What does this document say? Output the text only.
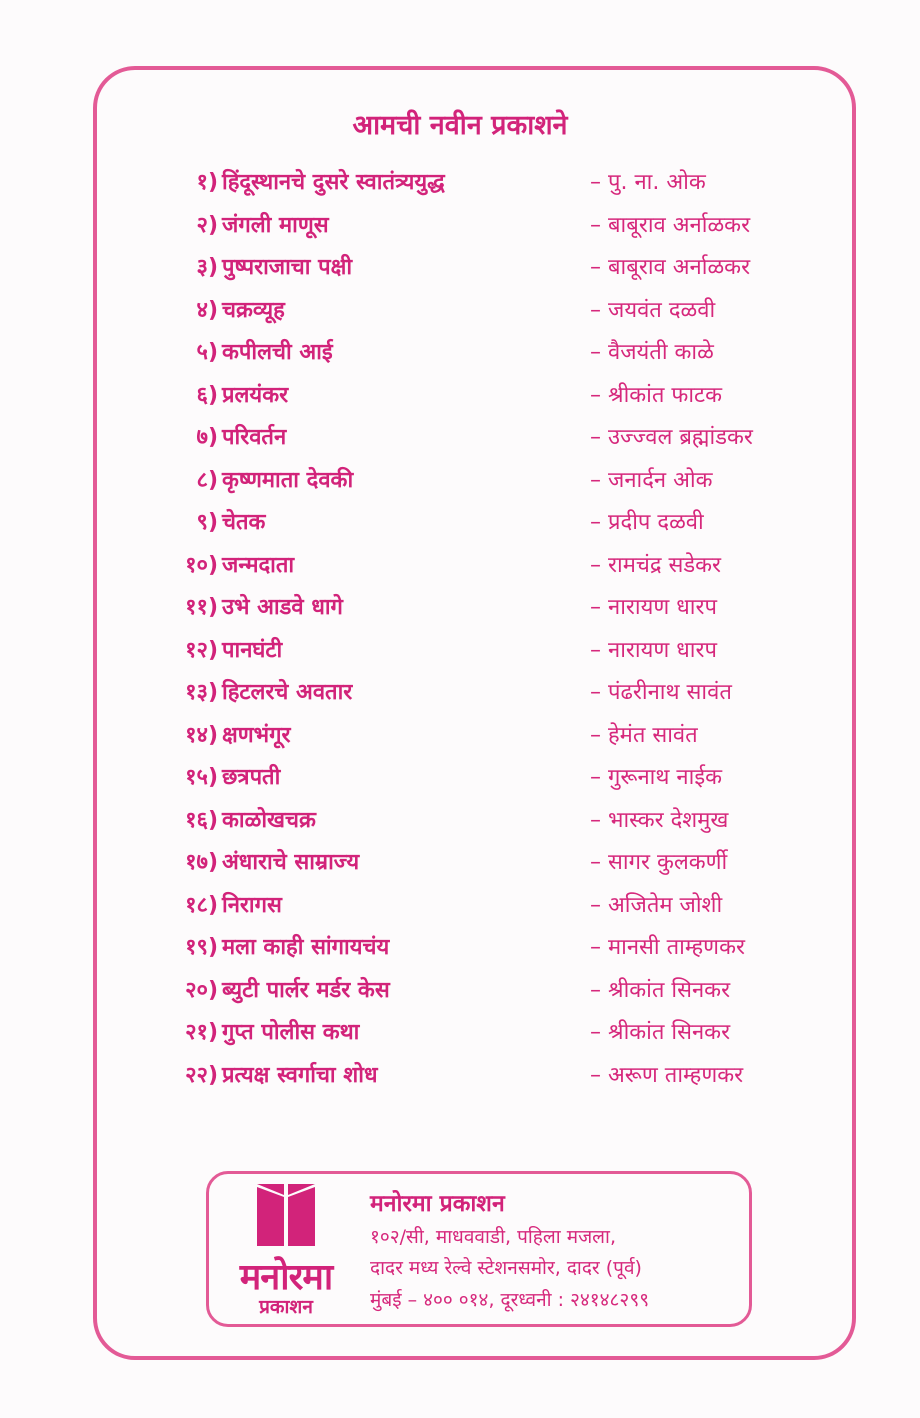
आमची नवीन प्रकाशने
१) हिंदूस्थानचे दुसरे स्वातंत्र्ययुद्ध	– पु. ना. ओक
२) जंगली माणूस	– बाबूराव अर्नाळकर
३) पुष्पराजाचा पक्षी	– बाबूराव अर्नाळकर
४) चक्रव्यूह	– जयवंत दळवी
५) कपीलची आई	– वैजयंती काळे
६) प्रलयंकर	– श्रीकांत फाटक
७) परिवर्तन	– उज्ज्वल ब्रह्मांडकर
८) कृष्णमाता देवकी	– जनार्दन ओक
९) चेतक	– प्रदीप दळवी
१०) जन्मदाता	– रामचंद्र सडेकर
११) उभे आडवे धागे	– नारायण धारप
१२) पानघंटी	– नारायण धारप
१३) हिटलरचे अवतार	– पंढरीनाथ सावंत
१४) क्षणभंगूर	– हेमंत सावंत
१५) छत्रपती	– गुरूनाथ नाईक
१६) काळोखचक्र	– भास्कर देशमुख
१७) अंधाराचे साम्राज्य	– सागर कुलकर्णी
१८) निरागस	– अजितेम जोशी
१९) मला काही सांगायचंय	– मानसी ताम्हणकर
२०) ब्युटी पार्लर मर्डर केस	– श्रीकांत सिनकर
२१) गुप्त पोलीस कथा	– श्रीकांत सिनकर
२२) प्रत्यक्ष स्वर्गाचा शोध	– अरूण ताम्हणकर
मनोरमा
प्रकाशन
मनोरमा प्रकाशन
१०२/सी, माधववाडी, पहिला मजला,
दादर मध्य रेल्वे स्टेशनसमोर, दादर (पूर्व)
मुंबई – ४०० ०१४, दूरध्वनी : २४१४८२९९
